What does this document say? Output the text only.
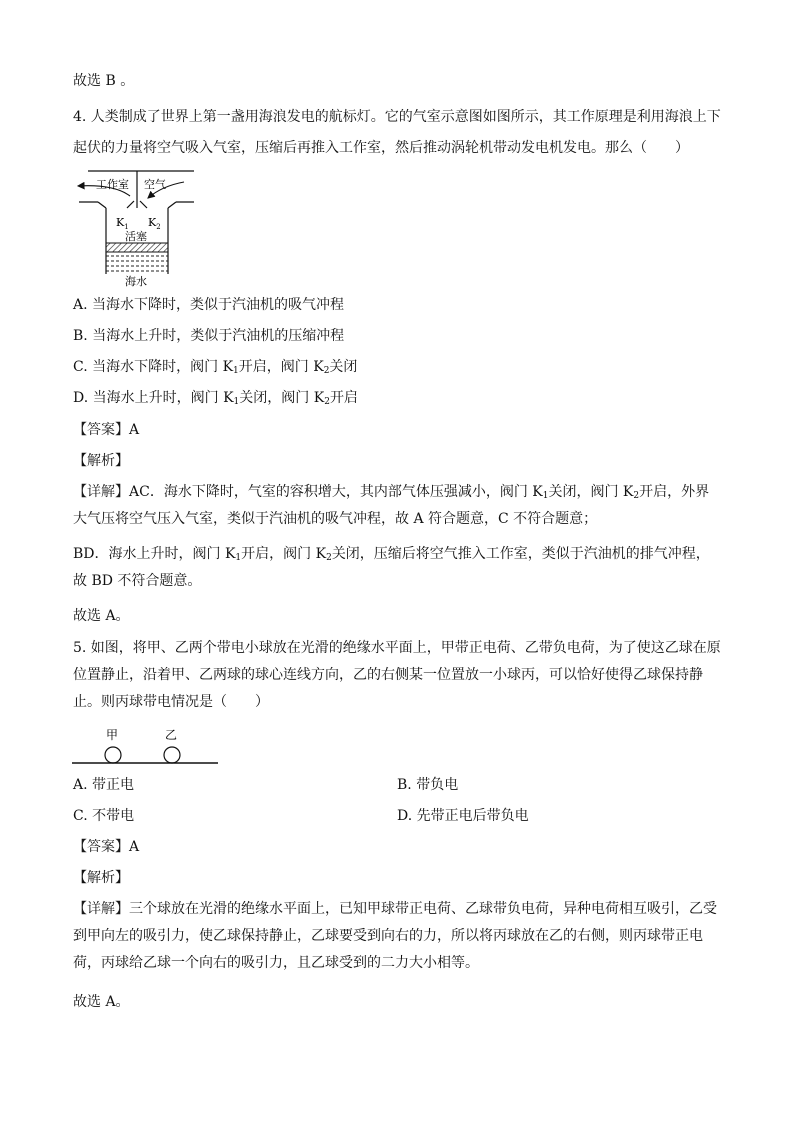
故选 B 。
4. 人类制成了世界上第一盏用海浪发电的航标灯。它的气室示意图如图所示，其工作原理是利用海浪上下
起伏的力量将空气吸入气室，压缩后再推入工作室，然后推动涡轮机带动发电机发电。那么（　　）
工作室 空气
$K_1$ $K_2$
活塞
海水
A. 当海水下降时，类似于汽油机的吸气冲程
B. 当海水上升时，类似于汽油机的压缩冲程
C. 当海水下降时，阀门 $K_1$开启，阀门 $K_2$关闭
D. 当海水上升时，阀门 $K_1$关闭，阀门 $K_2$开启
【答案】A
【解析】
【详解】AC．海水下降时，气室的容积增大，其内部气体压强减小，阀门 $K_1$关闭，阀门 $K_2$开启，外界大气压将空气压入气室，类似于汽油机的吸气冲程，故 A 符合题意，C 不符合题意；
BD．海水上升时，阀门 $K_1$开启，阀门 $K_2$关闭，压缩后将空气推入工作室，类似于汽油机的排气冲程，故 BD 不符合题意。
故选 A。
5. 如图，将甲、乙两个带电小球放在光滑的绝缘水平面上，甲带正电荷、乙带负电荷，为了使这乙球在原位置静止，沿着甲、乙两球的球心连线方向，乙的右侧某一位置放一小球丙，可以恰好使得乙球保持静止。则丙球带电情况是（　　）
甲	乙
A. 带正电	B. 带负电
C. 不带电	D. 先带正电后带负电
【答案】A
【解析】
【详解】三个球放在光滑的绝缘水平面上，已知甲球带正电荷、乙球带负电荷，异种电荷相互吸引，乙受到甲向左的吸引力，使乙球保持静止，乙球要受到向右的力，所以将丙球放在乙的右侧，则丙球带正电荷，丙球给乙球一个向右的吸引力，且乙球受到的二力大小相等。
故选 A。
